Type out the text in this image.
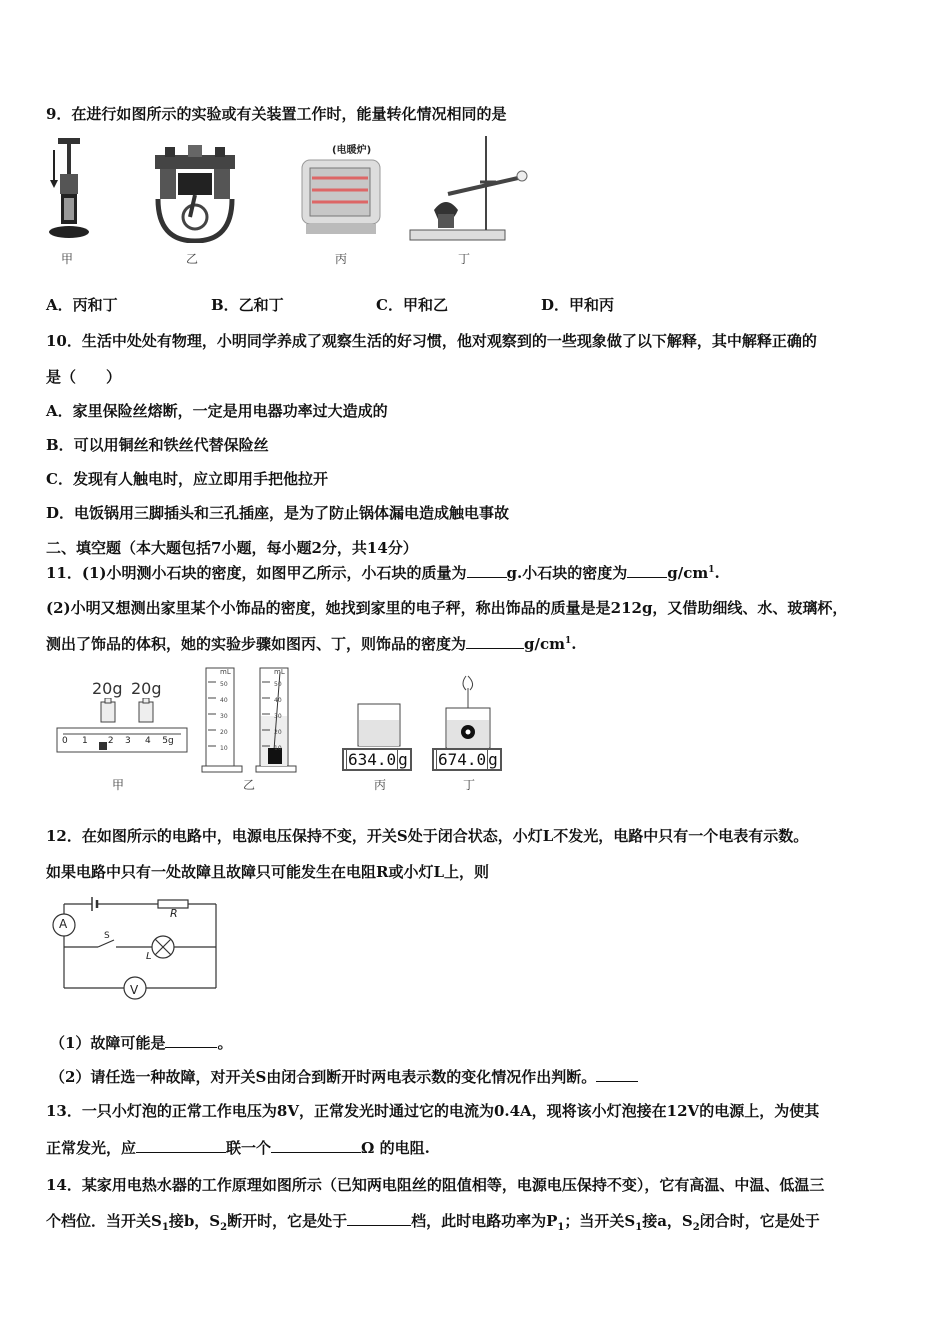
9．在进行如图所示的实验或有关装置工作时，能量转化情况相同的是
甲	乙
(电暖炉)
丙	丁
A．丙和丁	B．乙和丁	C．甲和乙	D．甲和丙
10．生活中处处有物理，小明同学养成了观察生活的好习惯，他对观察到的一些现象做了以下解释，其中解释正确的
是（　　）
A．家里保险丝熔断，一定是用电器功率过大造成的
B．可以用铜丝和铁丝代替保险丝
C．发现有人触电时，应立即用手把他拉开
D．电饭锅用三脚插头和三孔插座，是为了防止锅体漏电造成触电事故
二、填空题（本大题包括7小题，每小题2分，共14分）
11．(1)小明测小石块的密度，如图甲乙所示，小石块的质量为	g.小石块的密度为	$g/cm^1$.
(2)小明又想测出家里某个小饰品的密度，她找到家里的电子秤，称出饰品的质量是是212g，又借助细线、水、玻璃杯，
测出了饰品的体积，她的实验步骤如图丙、丁，则饰品的密度为	$g/cm^1$.
20g 20g
0 1 2 3 4 5g
甲
mL	mL
50
40
30
20
10
50
40
30
20
10
乙
634.0 g
丙
674.0 g
丁
12．在如图所示的电路中，电源电压保持不变，开关S处于闭合状态，小灯L不发光，电路中只有一个电表有示数。
如果电路中只有一处故障且故障只可能发生在电阻R或小灯L上，则
A
V
R
S
L
（1）故障可能是	。
（2）请任选一种故障，对开关S由闭合到断开时两电表示数的变化情况作出判断。
13．一只小灯泡的正常工作电压为8V，正常发光时通过它的电流为0.4A，现将该小灯泡接在12V的电源上，为使其
正常发光，应	联一个	Ω 的电阻.
14．某家用电热水器的工作原理如图所示（已知两电阻丝的阻值相等，电源电压保持不变），它有高温、中温、低温三
个档位．当开关$S_1$接b，$S_2$断开时，它是处于	档，此时电路功率为$P_1$；当开关$S_1$接a，$S_2$闭合时，它是处于
